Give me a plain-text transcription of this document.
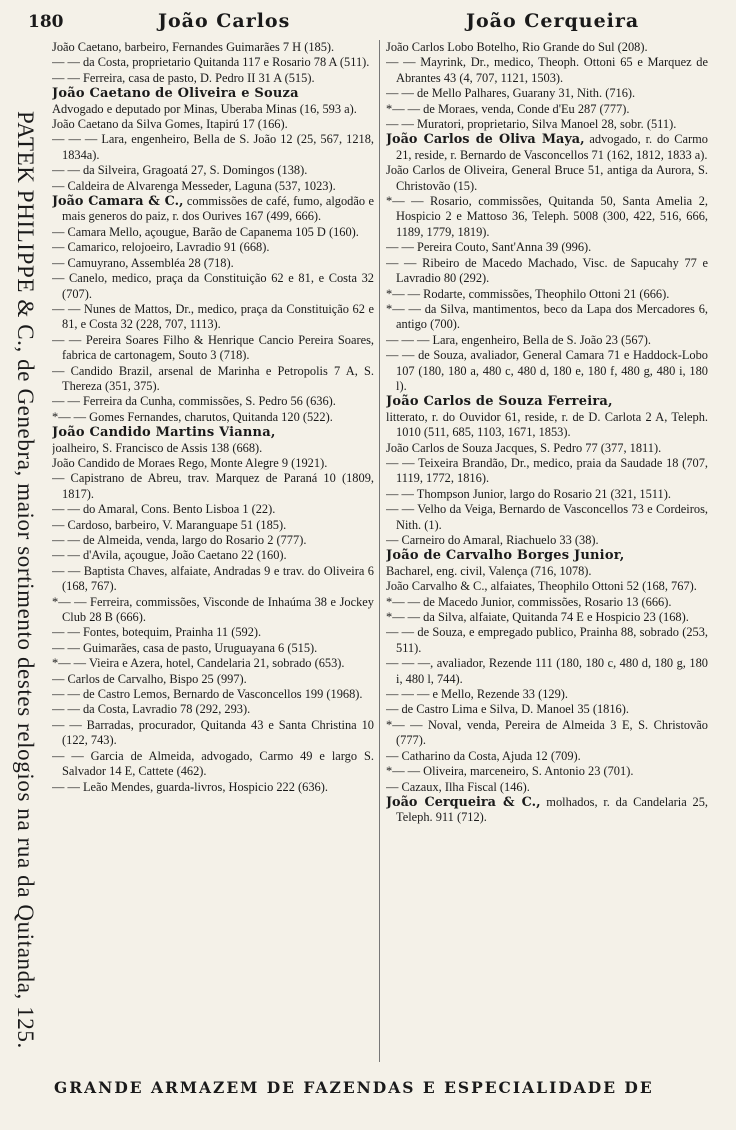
180	João Carlos	João Cerqueira
PATEK PHILIPPE & C., de Genebra, maior sortimento destes relogios na rua da Quitanda, 125.

João Caetano, barbeiro, Fernandes Guimarães 7 H (185).

— — da Costa, proprietario Quitanda 117 e Rosario 78 A (511).

— — Ferreira, casa de pasto, D. Pedro II 31 A (515).

João Caetano de Oliveira e Souza

Advogado e deputado por Minas, Uberaba Minas (16, 593 a).

João Caetano da Silva Gomes, Itapirú 17 (166).

— — — Lara, engenheiro, Bella de S. João 12 (25, 567, 1218, 1834a).

— — da Silveira, Gragoatá 27, S. Domingos (138).

— Caldeira de Alvarenga Messeder, Laguna (537, 1023).

João Camara & C., commissões de café, fumo, algodão e mais generos do paiz, r. dos Ourives 167 (499, 666).

— Camara Mello, açougue, Barão de Capanema 105 D (160).

— Camarico, relojoeiro, Lavradio 91 (668).

— Camuyrano, Assembléa 28 (718).

— Canelo, medico, praça da Constituição 62 e 81, e Costa 32 (707).

— — Nunes de Mattos, Dr., medico, praça da Constituição 62 e 81, e Costa 32 (228, 707, 1113).

— — Pereira Soares Filho & Henrique Cancio Pereira Soares, fabrica de cartonagem, Souto 3 (718).

— Candido Brazil, arsenal de Marinha e Petropolis 7 A, S. Thereza (351, 375).

— — Ferreira da Cunha, commissões, S. Pedro 56 (636).

*— — Gomes Fernandes, charutos, Quitanda 120 (522).

João Candido Martins Vianna,

joalheiro, S. Francisco de Assis 138 (668).

João Candido de Moraes Rego, Monte Alegre 9 (1921).

— Capistrano de Abreu, trav. Marquez de Paraná 10 (1809, 1817).

— — do Amaral, Cons. Bento Lisboa 1 (22).

— Cardoso, barbeiro, V. Maranguape 51 (185).

— — de Almeida, venda, largo do Rosario 2 (777).

— — d'Avila, açougue, João Caetano 22 (160).

— — Baptista Chaves, alfaiate, Andradas 9 e trav. do Oliveira 6 (168, 767).

*— — Ferreira, commissões, Visconde de Inhaúma 38 e Jockey Club 28 B (666).

— — Fontes, botequim, Prainha 11 (592).

— — Guimarães, casa de pasto, Uruguayana 6 (515).

*— — Vieira e Azera, hotel, Candelaria 21, sobrado (653).

— Carlos de Carvalho, Bispo 25 (997).

— — de Castro Lemos, Bernardo de Vasconcellos 199 (1968).

— — da Costa, Lavradio 78 (292, 293).

— — Barradas, procurador, Quitanda 43 e Santa Christina 10 (122, 743).

— — Garcia de Almeida, advogado, Carmo 49 e largo S. Salvador 14 E, Cattete (462).

— — Leão Mendes, guarda-livros, Hospicio 222 (636).

João Carlos Lobo Botelho, Rio Grande do Sul (208).

— — Mayrink, Dr., medico, Theoph. Ottoni 65 e Marquez de Abrantes 43 (4, 707, 1121, 1503).

— — de Mello Palhares, Guarany 31, Nith. (716).

*— — de Moraes, venda, Conde d'Eu 287 (777).

— — Muratori, proprietario, Silva Manoel 28, sobr. (511).

João Carlos de Oliva Maya, advogado, r. do Carmo 21, reside, r. Bernardo de Vasconcellos 71 (162, 1812, 1833 a).

João Carlos de Oliveira, General Bruce 51, antiga da Aurora, S. Christovão (15).

*— — Rosario, commissões, Quitanda 50, Santa Amelia 2, Hospicio 2 e Mattoso 36, Teleph. 5008 (300, 422, 516, 666, 1189, 1779, 1819).

— — Pereira Couto, Sant'Anna 39 (996).

— — Ribeiro de Macedo Machado, Visc. de Sapucahy 77 e Lavradio 80 (292).

*— — Rodarte, commissões, Theophilo Ottoni 21 (666).

*— — da Silva, mantimentos, beco da Lapa dos Mercadores 6, antigo (700).

— — — Lara, engenheiro, Bella de S. João 23 (567).

— — de Souza, avaliador, General Camara 71 e Haddock-Lobo 107 (180, 180 a, 480 c, 480 d, 180 e, 180 f, 480 g, 480 i, 180 l).

João Carlos de Souza Ferreira,

litterato, r. do Ouvidor 61, reside, r. de D. Carlota 2 A, Teleph. 1010 (511, 685, 1103, 1671, 1853).

João Carlos de Souza Jacques, S. Pedro 77 (377, 1811).

— — Teixeira Brandão, Dr., medico, praia da Saudade 18 (707, 1119, 1772, 1816).

— — Thompson Junior, largo do Rosario 21 (321, 1511).

— — Velho da Veiga, Bernardo de Vasconcellos 73 e Cordeiros, Nith. (1).

— Carneiro do Amaral, Riachuelo 33 (38).

João de Carvalho Borges Junior,

Bacharel, eng. civil, Valença (716, 1078).

João Carvalho & C., alfaiates, Theophilo Ottoni 52 (168, 767).

*— — de Macedo Junior, commissões, Rosario 13 (666).

*— — da Silva, alfaiate, Quitanda 74 E e Hospicio 23 (168).

— — de Souza, e empregado publico, Prainha 88, sobrado (253, 511).

— — —, avaliador, Rezende 111 (180, 180 c, 480 d, 180 g, 180 i, 480 l, 744).

— — — e Mello, Rezende 33 (129).

— de Castro Lima e Silva, D. Manoel 35 (1816).

*— — Noval, venda, Pereira de Almeida 3 E, S. Christovão (777).

— Catharino da Costa, Ajuda 12 (709).

*— — Oliveira, marceneiro, S. Antonio 23 (701).

— Cazaux, Ilha Fiscal (146).

João Cerqueira & C., molhados, r. da Candelaria 25, Teleph. 911 (712).

GRANDE ARMAZEM DE FAZENDAS E ESPECIALIDADE DE
